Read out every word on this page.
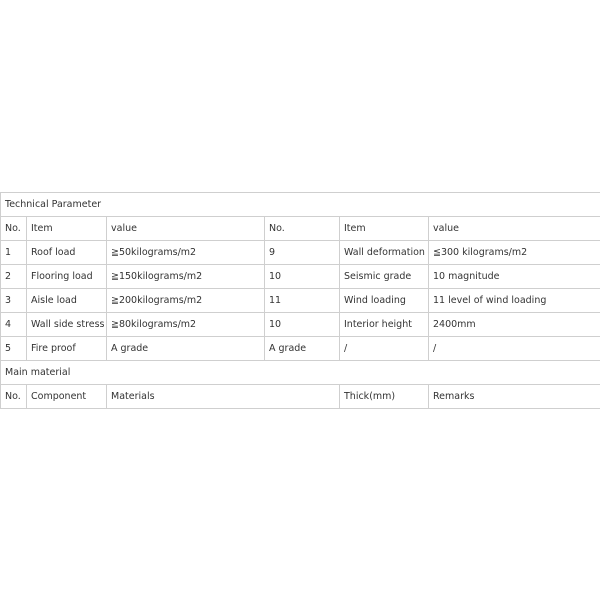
Technical Parameter					
No.	Item	value	No.	Item	value
1	Roof load	≧50kilograms/m2	9	Wall deformation	≦300 kilograms/m2
2	Flooring load	≧150kilograms/m2	10	Seismic grade	10 magnitude
3	Aisle load	≧200kilograms/m2	11	Wind loading	11 level of wind loading
4	Wall side stress	≧80kilograms/m2	10	Interior height	2400mm
5	Fire proof	A grade	A grade	/	/
Main material					
No.	Component	Materials		Thick(mm)	Remarks
